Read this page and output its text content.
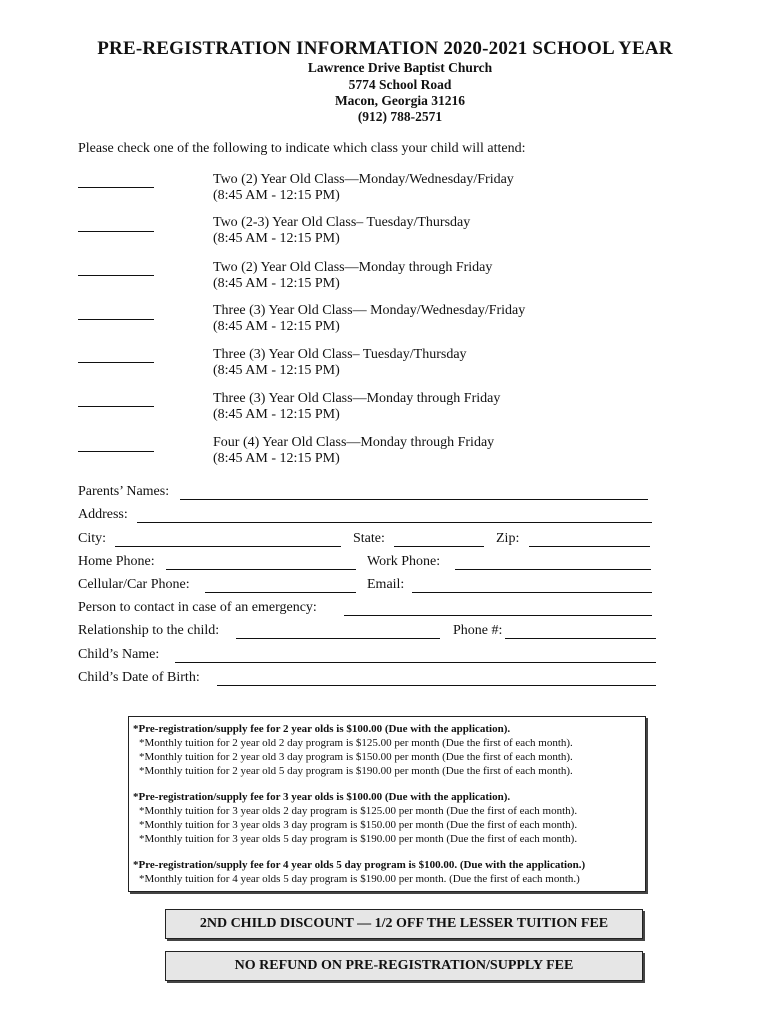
PRE-REGISTRATION INFORMATION 2020-2021 SCHOOL YEAR
Lawrence Drive Baptist Church
5774 School Road
Macon, Georgia 31216
(912) 788-2571
Please check one of the following to indicate which class your child will attend:
Two (2) Year Old Class—Monday/Wednesday/Friday
(8:45 AM - 12:15 PM)
Two (2-3) Year Old Class– Tuesday/Thursday
(8:45 AM - 12:15 PM)
Two (2) Year Old Class—Monday through Friday
(8:45 AM - 12:15 PM)
Three (3) Year Old Class— Monday/Wednesday/Friday
(8:45 AM - 12:15 PM)
Three (3) Year Old Class– Tuesday/Thursday
(8:45 AM - 12:15 PM)
Three (3) Year Old Class—Monday through Friday
(8:45 AM - 12:15 PM)
Four (4) Year Old Class—Monday through Friday
(8:45 AM - 12:15 PM)
Parents’ Names:
Address:
City:	State:	Zip:
Home Phone:	Work Phone:
Cellular/Car Phone:	Email:
Person to contact in case of an emergency:
Relationship to the child:	Phone #:
Child’s Name:
Child’s Date of Birth:
*Pre-registration/supply fee for 2 year olds is $100.00 (Due with the application).
*Monthly tuition for 2 year old 2 day program is $125.00 per month (Due the first of each month).
*Monthly tuition for 2 year old 3 day program is $150.00 per month (Due the first of each month).
*Monthly tuition for 2 year old 5 day program is $190.00 per month (Due the first of each month).
*Pre-registration/supply fee for 3 year olds is $100.00 (Due with the application).
*Monthly tuition for 3 year olds 2 day program is $125.00 per month (Due the first of each month).
*Monthly tuition for 3 year olds 3 day program is $150.00 per month (Due the first of each month).
*Monthly tuition for 3 year olds 5 day program is $190.00 per month (Due the first of each month).
*Pre-registration/supply fee for 4 year olds 5 day program is $100.00. (Due with the application.)
*Monthly tuition for 4 year olds 5 day program is $190.00 per month. (Due the first of each month.)
2ND CHILD DISCOUNT — 1/2 OFF THE LESSER TUITION FEE
NO REFUND ON PRE-REGISTRATION/SUPPLY FEE
